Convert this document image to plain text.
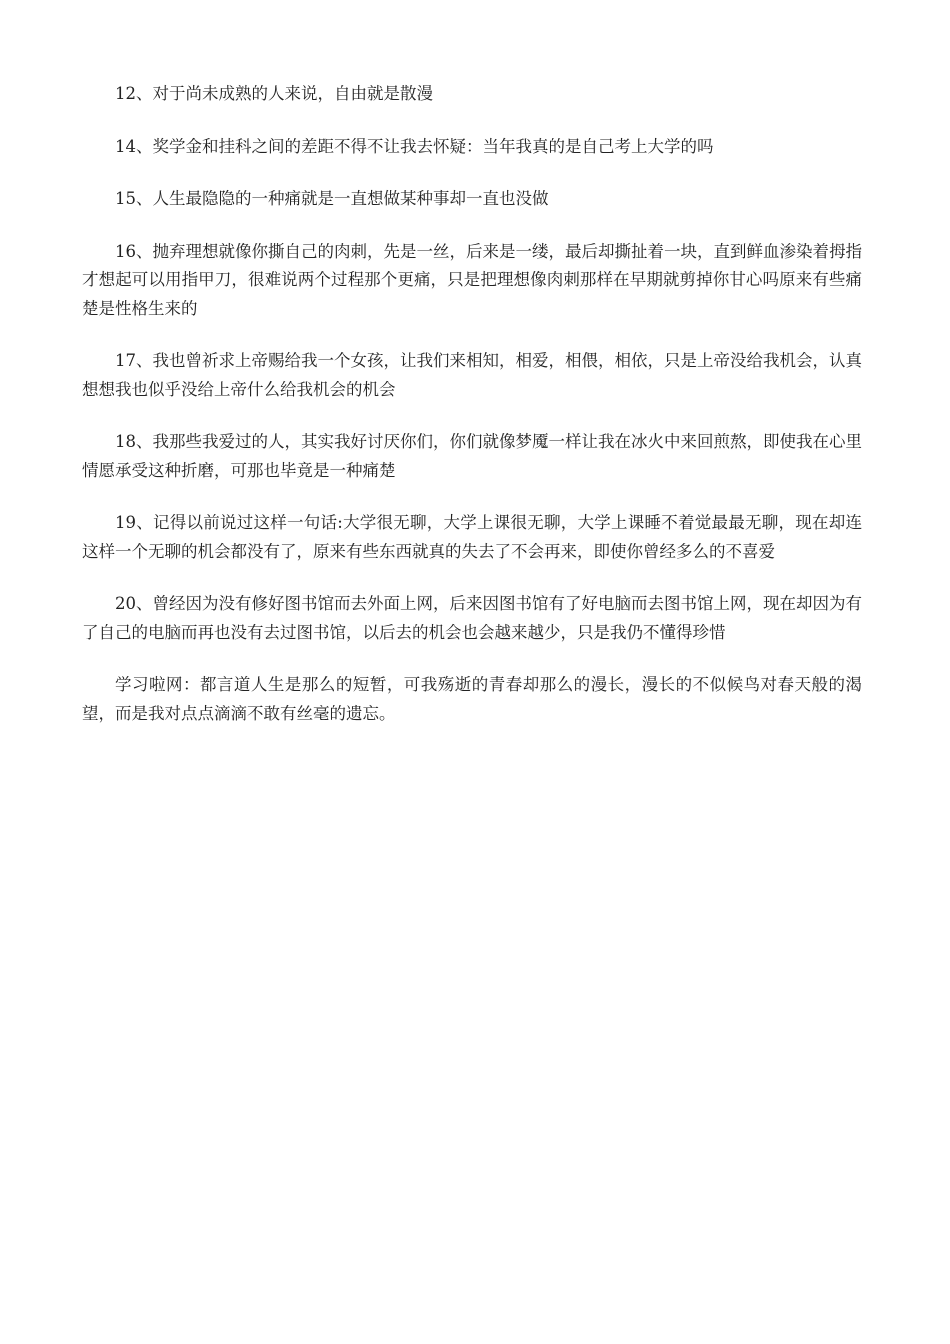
12、对于尚未成熟的人来说，自由就是散漫

14、奖学金和挂科之间的差距不得不让我去怀疑：当年我真的是自己考上大学的吗

15、人生最隐隐的一种痛就是一直想做某种事却一直也没做

16、抛弃理想就像你撕自己的肉刺，先是一丝，后来是一缕，最后却撕扯着一块，直到鲜血渗染着拇指才想起可以用指甲刀，很难说两个过程那个更痛，只是把理想像肉刺那样在早期就剪掉你甘心吗原来有些痛楚是性格生来的

17、我也曾祈求上帝赐给我一个女孩，让我们来相知，相爱，相偎，相依，只是上帝没给我机会，认真想想我也似乎没给上帝什么给我机会的机会

18、我那些我爱过的人，其实我好讨厌你们，你们就像梦魇一样让我在冰火中来回煎熬，即使我在心里情愿承受这种折磨，可那也毕竟是一种痛楚

19、记得以前说过这样一句话:大学很无聊，大学上课很无聊，大学上课睡不着觉最最无聊，现在却连这样一个无聊的机会都没有了，原来有些东西就真的失去了不会再来，即使你曾经多么的不喜爱

20、曾经因为没有修好图书馆而去外面上网，后来因图书馆有了好电脑而去图书馆上网，现在却因为有了自己的电脑而再也没有去过图书馆，以后去的机会也会越来越少，只是我仍不懂得珍惜

学习啦网：都言道人生是那么的短暂，可我殇逝的青春却那么的漫长，漫长的不似候鸟对春天般的渴望，而是我对点点滴滴不敢有丝毫的遗忘。
